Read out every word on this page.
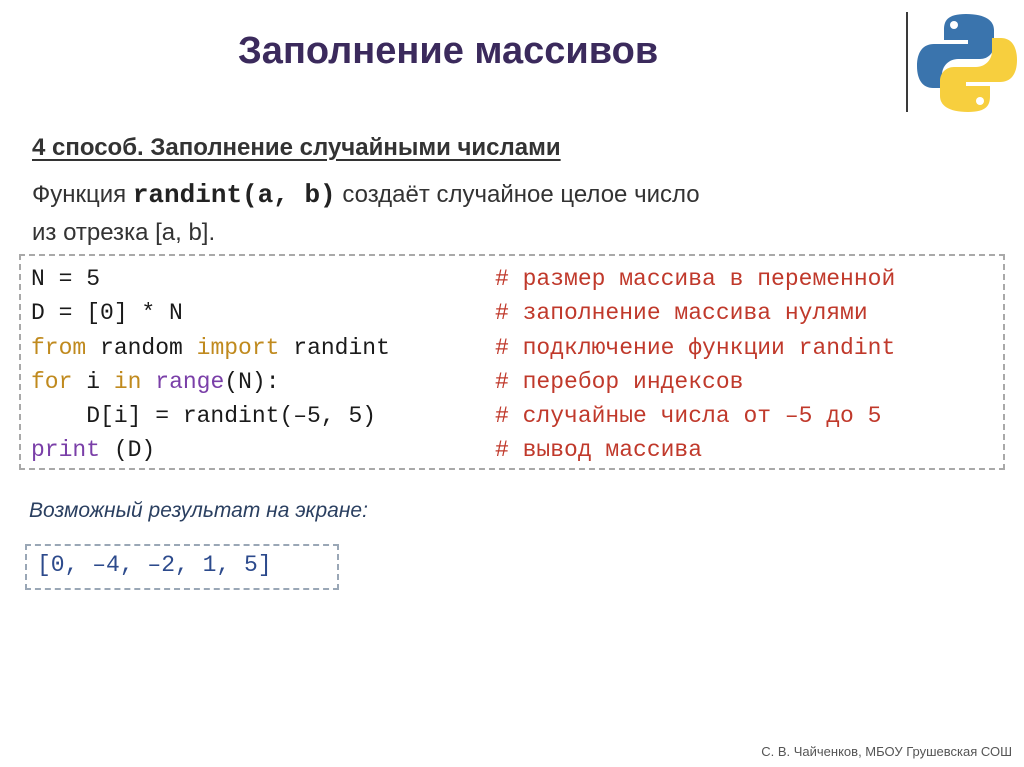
Заполнение массивов
4 способ. Заполнение случайными числами
Функция randint(a, b) создаёт случайное целое число
из отрезка [a, b].
N = 5	# размер массива в переменной
D = [0] * N	# заполнение массива нулями
from random import randint	# подключение функции randint
for i in range(N):	# перебор индексов
D[i] = randint(–5, 5)	# случайные числа от –5 до 5
print (D)	# вывод массива
Возможный результат на экране:
[0, –4, –2, 1, 5]
С. В. Чайченков, МБОУ Грушевская СОШ
